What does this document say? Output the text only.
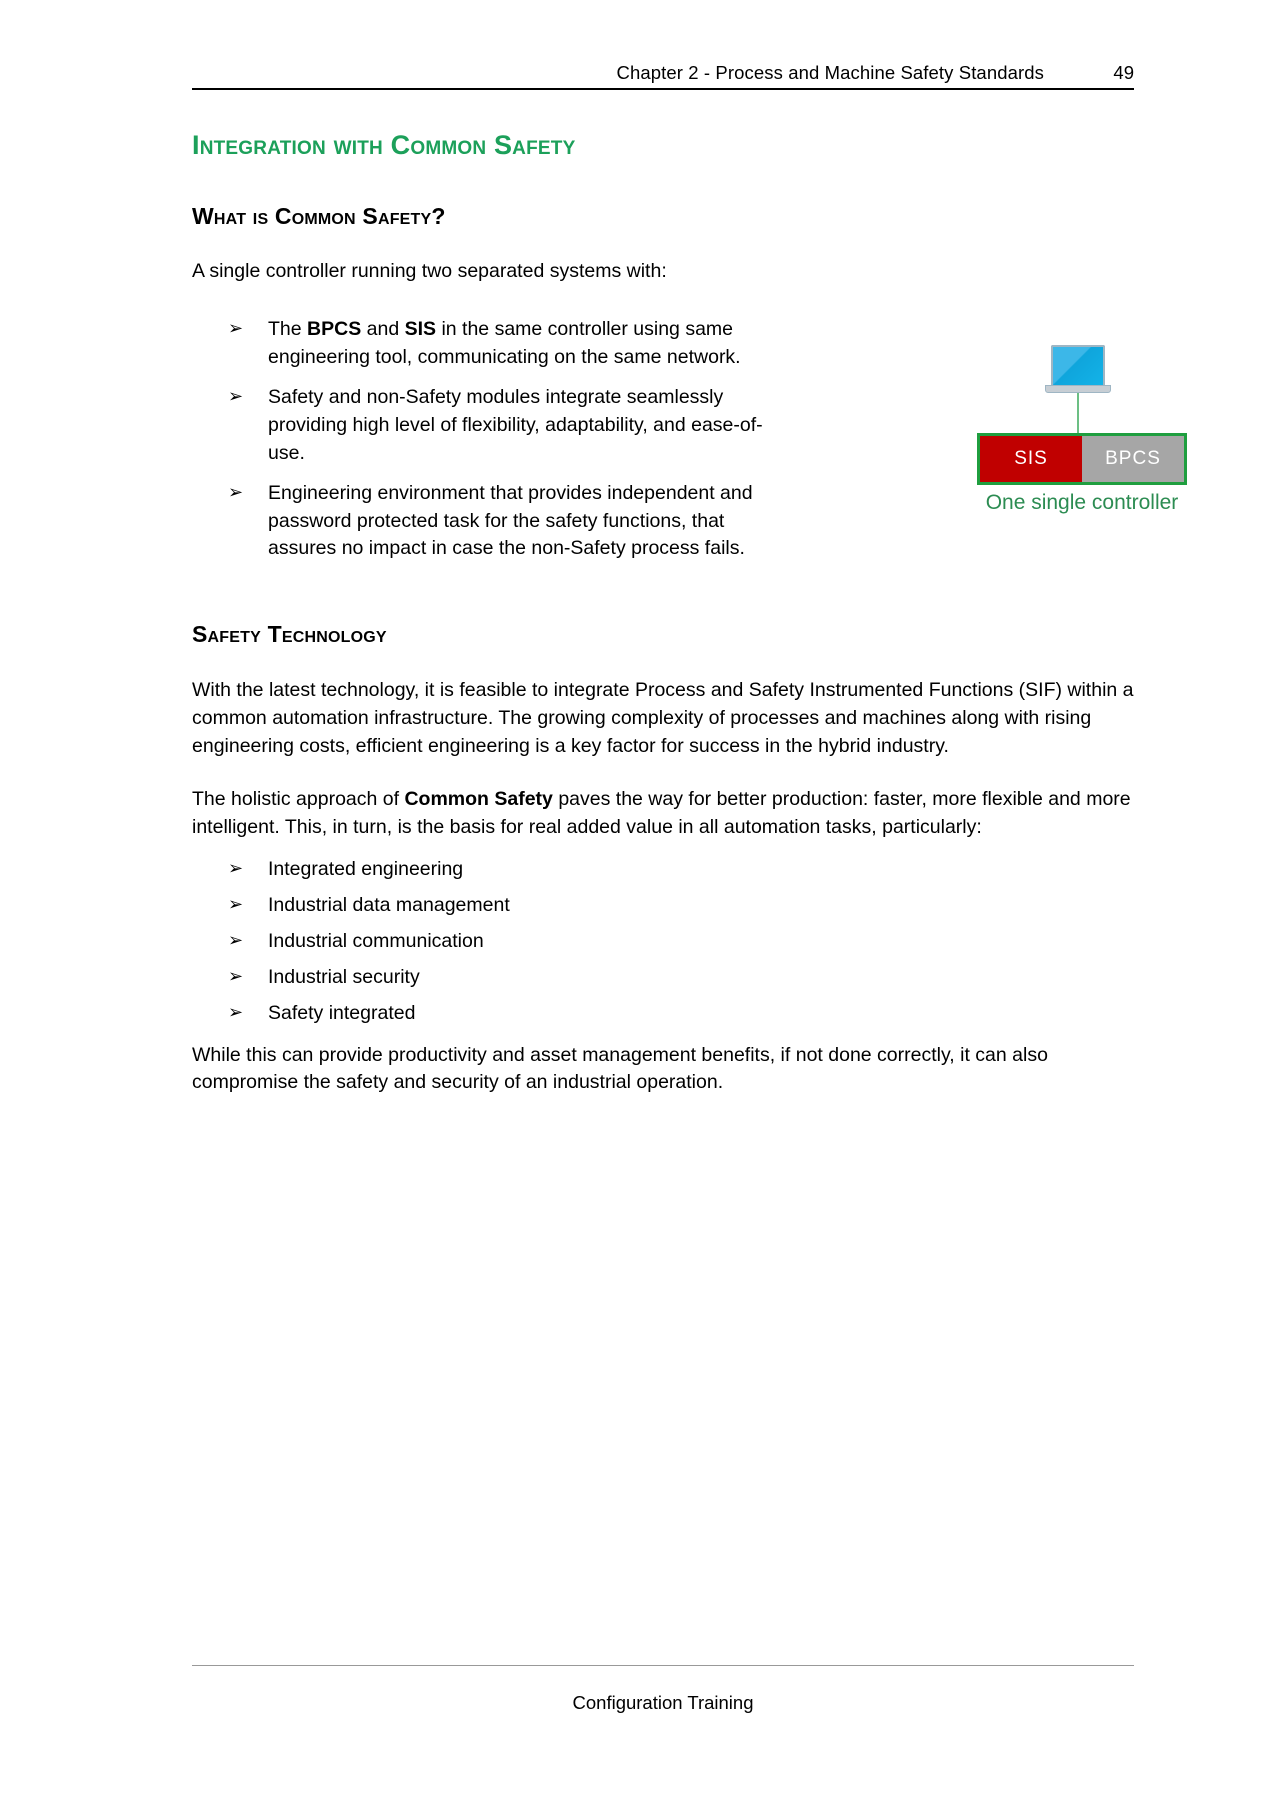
Chapter 2 - Process and Machine Safety Standards	49
Integration with Common Safety
What is Common Safety?

A single controller running two separated systems with:

➢ The BPCS and SIS in the same controller using same engineering tool, communicating on the same network.
➢ Safety and non-Safety modules integrate seamlessly providing high level of flexibility, adaptability, and ease-of-use.
➢ Engineering environment that provides independent and password protected task for the safety functions, that assures no impact in case the non-Safety process fails.
SIS	BPCS
One single controller
Safety Technology

With the latest technology, it is feasible to integrate Process and Safety Instrumented Functions (SIF) within a common automation infrastructure. The growing complexity of processes and machines along with rising engineering costs, efficient engineering is a key factor for success in the hybrid industry.

The holistic approach of Common Safety paves the way for better production: faster, more flexible and more intelligent. This, in turn, is the basis for real added value in all automation tasks, particularly:

➢ Integrated engineering
➢ Industrial data management
➢ Industrial communication
➢ Industrial security
➢ Safety integrated

While this can provide productivity and asset management benefits, if not done correctly, it can also compromise the safety and security of an industrial operation.

Configuration Training
